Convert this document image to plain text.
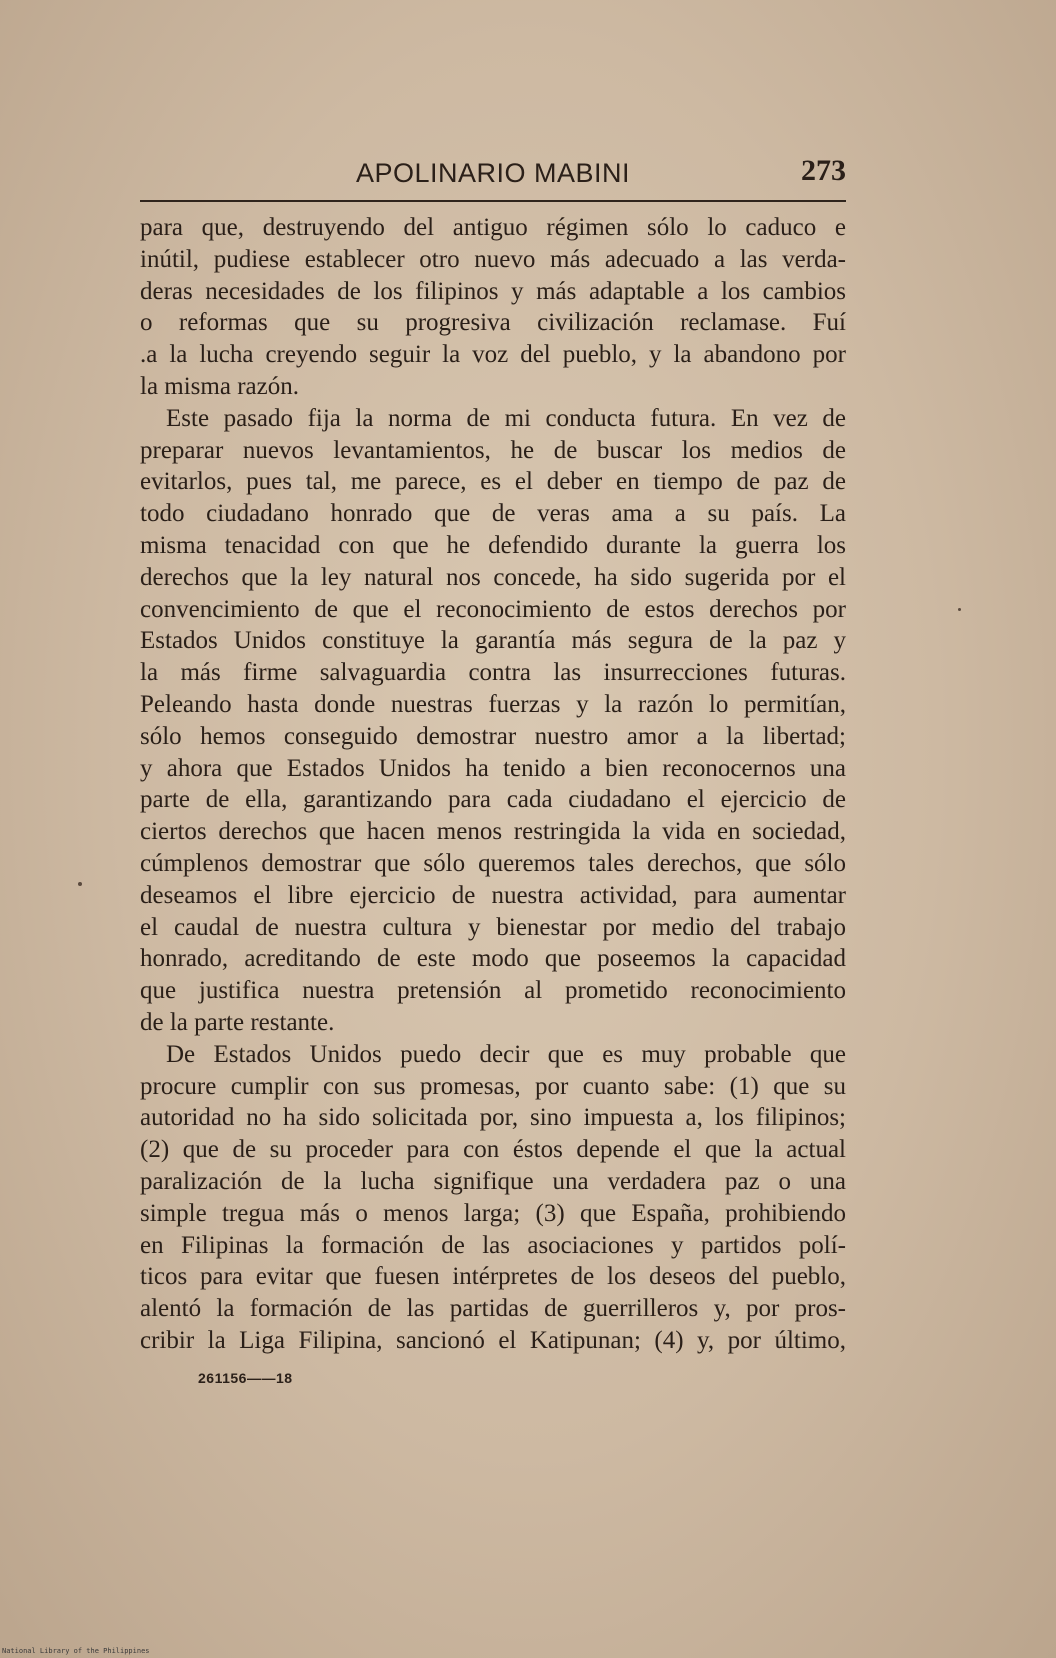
APOLINARIO MABINI	273
para que, destruyendo del antiguo régimen sólo lo caduco e
inútil, pudiese establecer otro nuevo más adecuado a las verda-
deras necesidades de los filipinos y más adaptable a los cambios
o reformas que su progresiva civilización reclamase. Fuí
.a la lucha creyendo seguir la voz del pueblo, y la abandono por
la misma razón.
Este pasado fija la norma de mi conducta futura. En vez de
preparar nuevos levantamientos, he de buscar los medios de
evitarlos, pues tal, me parece, es el deber en tiempo de paz de
todo ciudadano honrado que de veras ama a su país. La
misma tenacidad con que he defendido durante la guerra los
derechos que la ley natural nos concede, ha sido sugerida por el
convencimiento de que el reconocimiento de estos derechos por
Estados Unidos constituye la garantía más segura de la paz y
la más firme salvaguardia contra las insurrecciones futuras.
Peleando hasta donde nuestras fuerzas y la razón lo permitían,
sólo hemos conseguido demostrar nuestro amor a la libertad;
y ahora que Estados Unidos ha tenido a bien reconocernos una
parte de ella, garantizando para cada ciudadano el ejercicio de
ciertos derechos que hacen menos restringida la vida en sociedad,
cúmplenos demostrar que sólo queremos tales derechos, que sólo
deseamos el libre ejercicio de nuestra actividad, para aumentar
el caudal de nuestra cultura y bienestar por medio del trabajo
honrado, acreditando de este modo que poseemos la capacidad
que justifica nuestra pretensión al prometido reconocimiento
de la parte restante.
De Estados Unidos puedo decir que es muy probable que
procure cumplir con sus promesas, por cuanto sabe: (1) que su
autoridad no ha sido solicitada por, sino impuesta a, los filipinos;
(2) que de su proceder para con éstos depende el que la actual
paralización de la lucha signifique una verdadera paz o una
simple tregua más o menos larga; (3) que España, prohibiendo
en Filipinas la formación de las asociaciones y partidos polí-
ticos para evitar que fuesen intérpretes de los deseos del pueblo,
alentó la formación de las partidas de guerrilleros y, por pros-
cribir la Liga Filipina, sancionó el Katipunan; (4) y, por último,
261156——18
National Library of the Philippines
